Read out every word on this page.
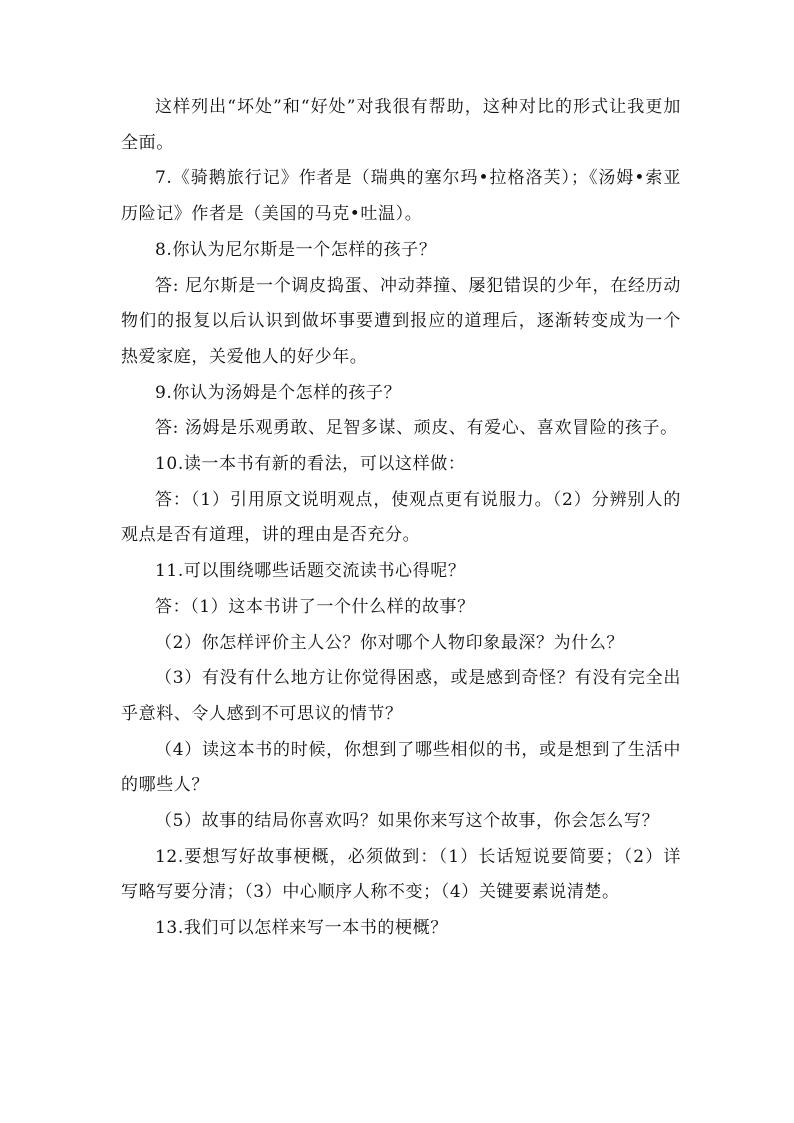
这样列出“坏处”和“好处”对我很有帮助，这种对比的形式让我更加全面。

7.《骑鹅旅行记》作者是（瑞典的塞尔玛•拉格洛芙）；《汤姆•索亚历险记》作者是（美国的马克•吐温）。

8.你认为尼尔斯是一个怎样的孩子？

答: 尼尔斯是一个调皮捣蛋、冲动莽撞、屡犯错误的少年，在经历动物们的报复以后认识到做坏事要遭到报应的道理后，逐渐转变成为一个热爱家庭，关爱他人的好少年。

9.你认为汤姆是个怎样的孩子？

答: 汤姆是乐观勇敢、足智多谋、顽皮、有爱心、喜欢冒险的孩子。

10.读一本书有新的看法，可以这样做：

答：（1）引用原文说明观点，使观点更有说服力。（2）分辨别人的观点是否有道理，讲的理由是否充分。

11.可以围绕哪些话题交流读书心得呢？

答：（1）这本书讲了一个什么样的故事？

（2）你怎样评价主人公？你对哪个人物印象最深？为什么？

（3）有没有什么地方让你觉得困惑，或是感到奇怪？有没有完全出乎意料、令人感到不可思议的情节？

（4）读这本书的时候，你想到了哪些相似的书，或是想到了生活中的哪些人？

（5）故事的结局你喜欢吗？如果你来写这个故事，你会怎么写？

12.要想写好故事梗概，必须做到：（1）长话短说要简要；（2）详写略写要分清；（3）中心顺序人称不变；（4）关键要素说清楚。

13.我们可以怎样来写一本书的梗概？
